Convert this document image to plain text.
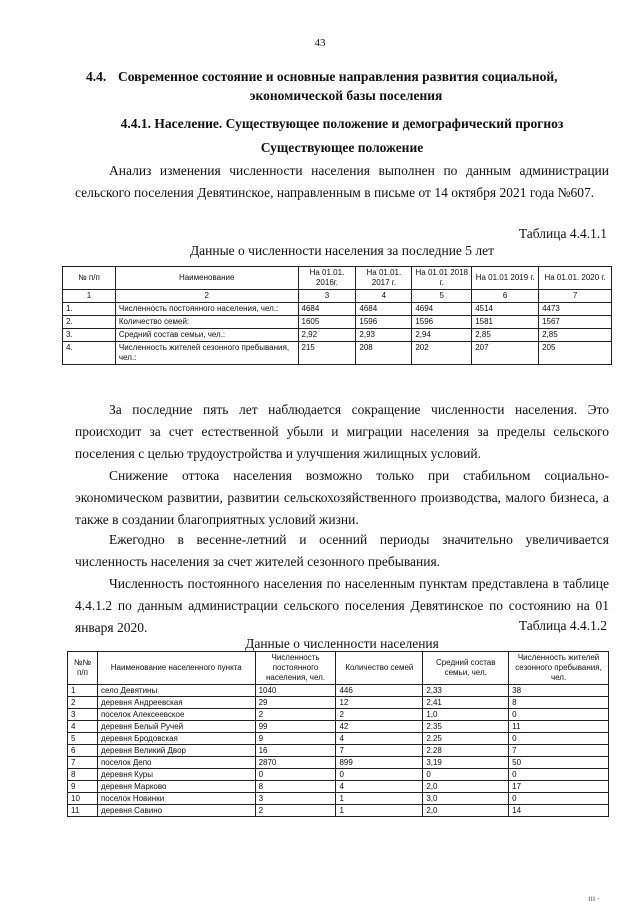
43
4.4. Современное состояние и основные направления развития социальной,
экономической базы поселения
4.4.1. Население. Существующее положение и демографический прогноз
Существующее положение
Анализ изменения численности населения выполнен по данным администрации сельского поселения Девятинское, направленным в письме от 14 октября 2021 года №607.
Таблица 4.4.1.1
Данные о численности населения за последние 5 лет
№ п/п	Наименование	На 01.01. 2016г.	На 01.01. 2017 г.	На 01.01 2018 г.	На 01.01 2019 г.	На 01.01. 2020 г.
1	2	3	4	5	6	7
1.	Численность постоянного населения, чел.:	4684	4684	4694	4514	4473
2.	Количество семей:	1605	1596	1596	1581	1567
3.	Средний состав семьи, чел.:	2,92	2,93	2,94	2,85	2,85
4.	Численность жителей сезонного пребывания, чел.:	215	208	202	207	205
За последние пять лет наблюдается сокращение численности населения. Это происходит за счет естественной убыли и миграции населения за пределы сельского поселения с целью трудоустройства и улучшения жилищных условий.
Снижение оттока населения возможно только при стабильном социально-экономическом развитии, развитии сельскохозяйственного производства, малого бизнеса, а также в создании благоприятных условий жизни.
Ежегодно в весенне-летний и осенний периоды значительно увеличивается численность населения за счет жителей сезонного пребывания.
Численность постоянного населения по населенным пунктам представлена в таблице 4.4.1.2 по данным администрации сельского поселения Девятинское по состоянию на 01 января 2020.	Таблица 4.4.1.2
Данные о численности населения
№№ п/п	Наименование населенного пункта	Численность постоянного населения, чел.	Количество семей	Средний состав семьи, чел.	Численность жителей сезонного пребывания, чел.
1	село Девятины	1040	446	2,33	38
2	деревня Андреевская	29	12	2,41	8
3	поселок Алексеевское	2	2	1,0	0
4	деревня Белый Ручей	99	42	2.35	11
5	деревня Бродовская	9	4	2.25	0
6	деревня Великий Двор	16	7	2.28	7
7	поселок Депо	2870	899	3,19	50
8	деревня Куры	0	0	0	0
9	деревня Марково	8	4	2,0	17
10	поселок Новинки	3	1	3,0	0
11	деревня Савино	2	1	2,0	14
ııı ·
